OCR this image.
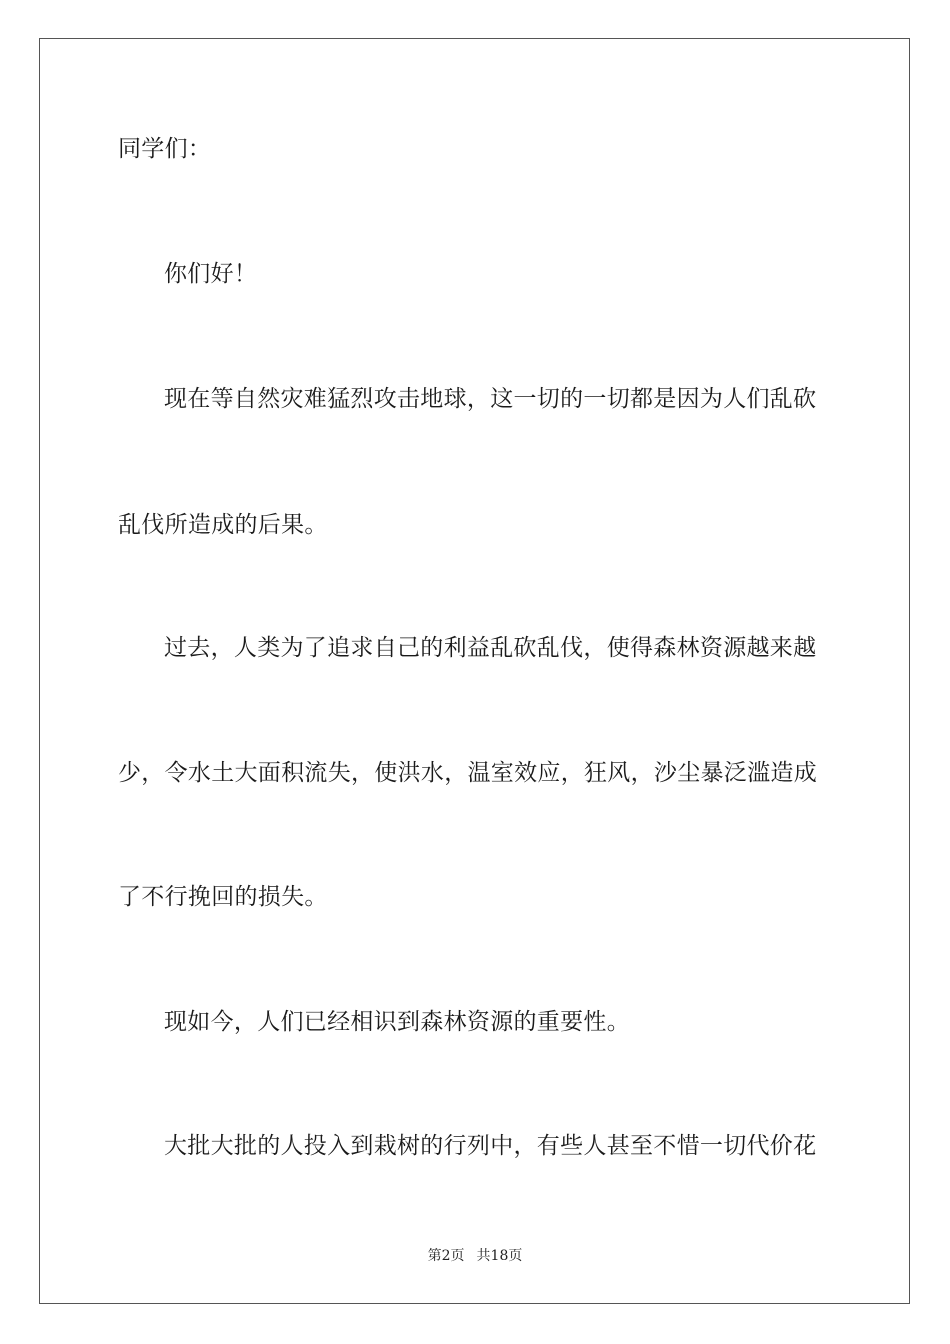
同学们：
你们好！
现在等自然灾难猛烈攻击地球，这一切的一切都是因为人们乱砍
乱伐所造成的后果。
过去，人类为了追求自己的利益乱砍乱伐，使得森林资源越来越
少，令水土大面积流失，使洪水，温室效应，狂风，沙尘暴泛滥造成
了不行挽回的损失。
现如今，人们已经相识到森林资源的重要性。
大批大批的人投入到栽树的行列中，有些人甚至不惜一切代价花
第2页 共18页
